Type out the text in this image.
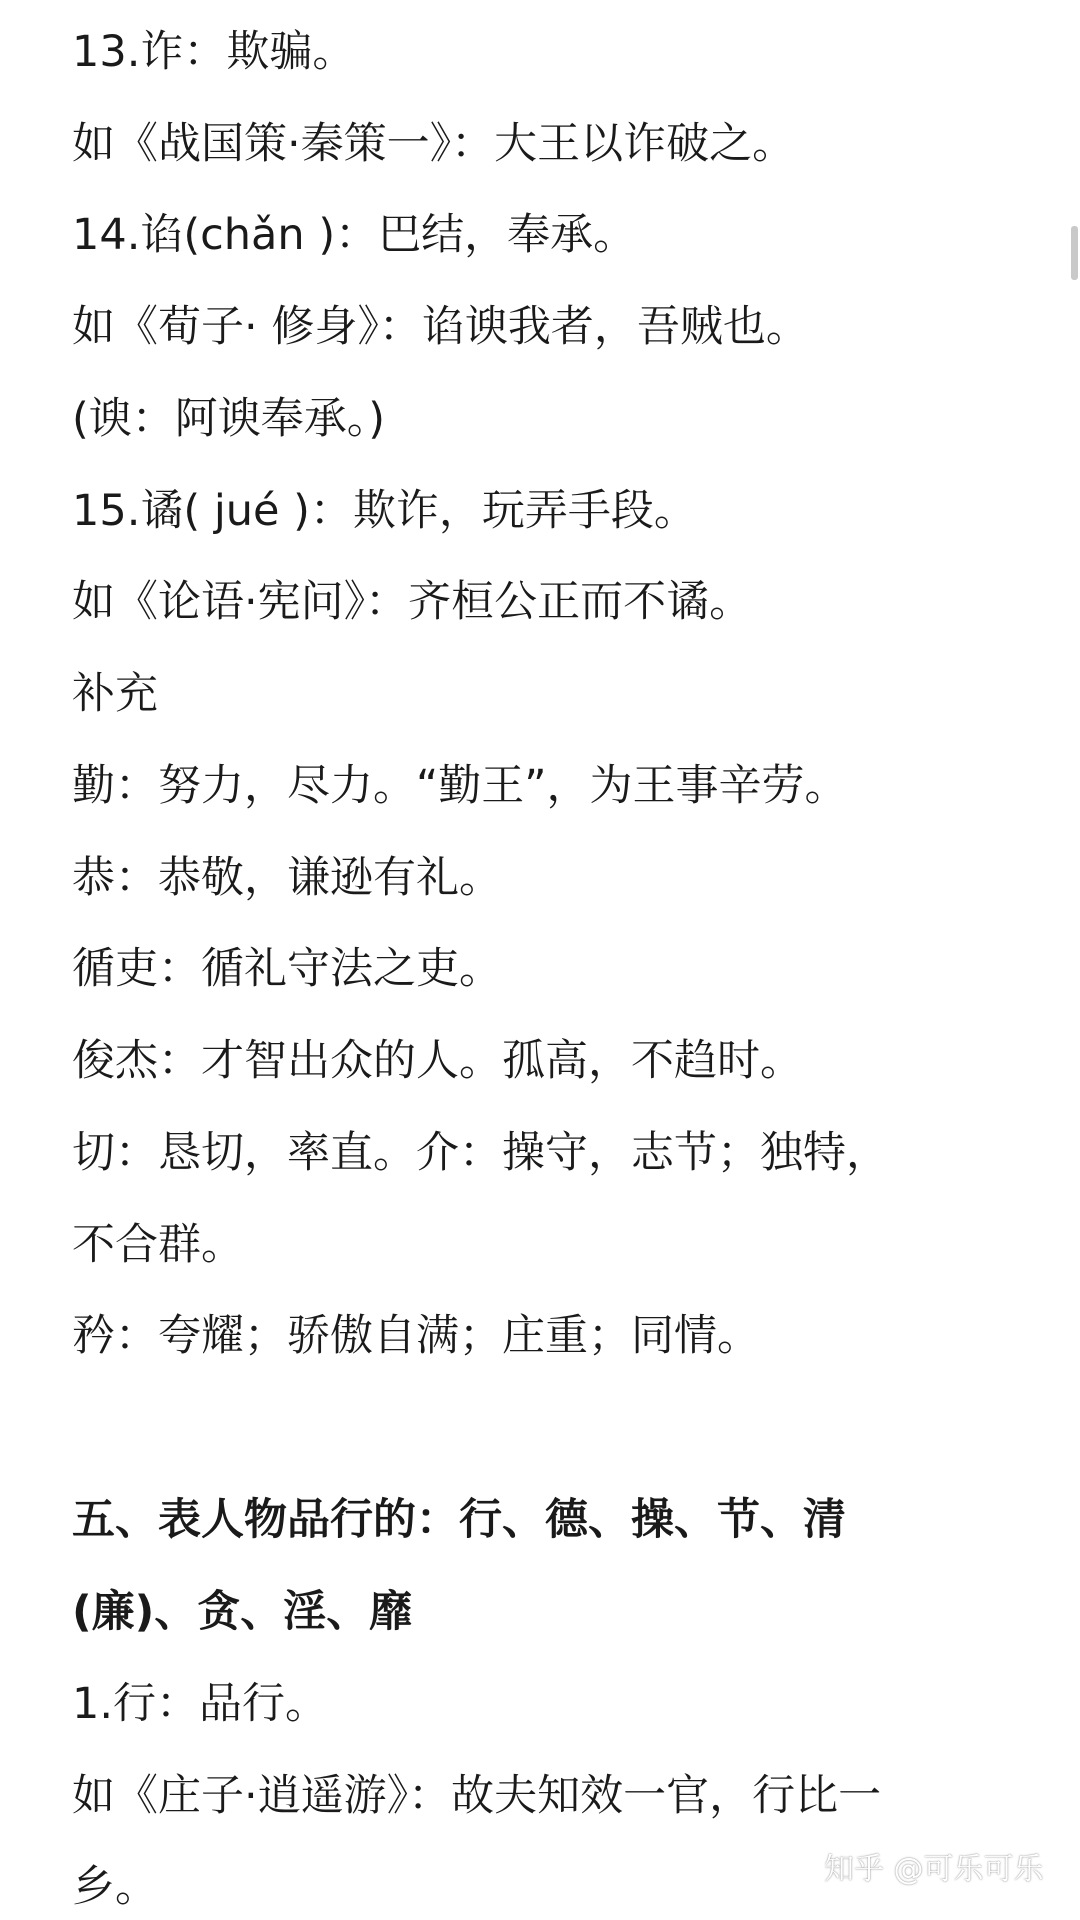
13.诈：欺骗。
如《战国策·秦策一》：大王以诈破之。
14.谄(chǎn )：巴结，奉承。
如《荀子· 修身》：谄谀我者，吾贼也。
(谀：阿谀奉承。)
15.谲( jué )：欺诈，玩弄手段。
如《论语·宪问》：齐桓公正而不谲。
补充
勤：努力，尽力。“勤王”，为王事辛劳。
恭：恭敬，谦逊有礼。
循吏：循礼守法之吏。
俊杰：才智出众的人。孤高，不趋时。
切：恳切，率直。介：操守，志节；独特，
不合群。
矜：夸耀；骄傲自满；庄重；同情。
五、表人物品行的：行、德、操、节、清
(廉)、贪、淫、靡
1.行：品行。
如《庄子·逍遥游》：故夫知效一官，行比一
乡。	知乎 @可乐可乐
